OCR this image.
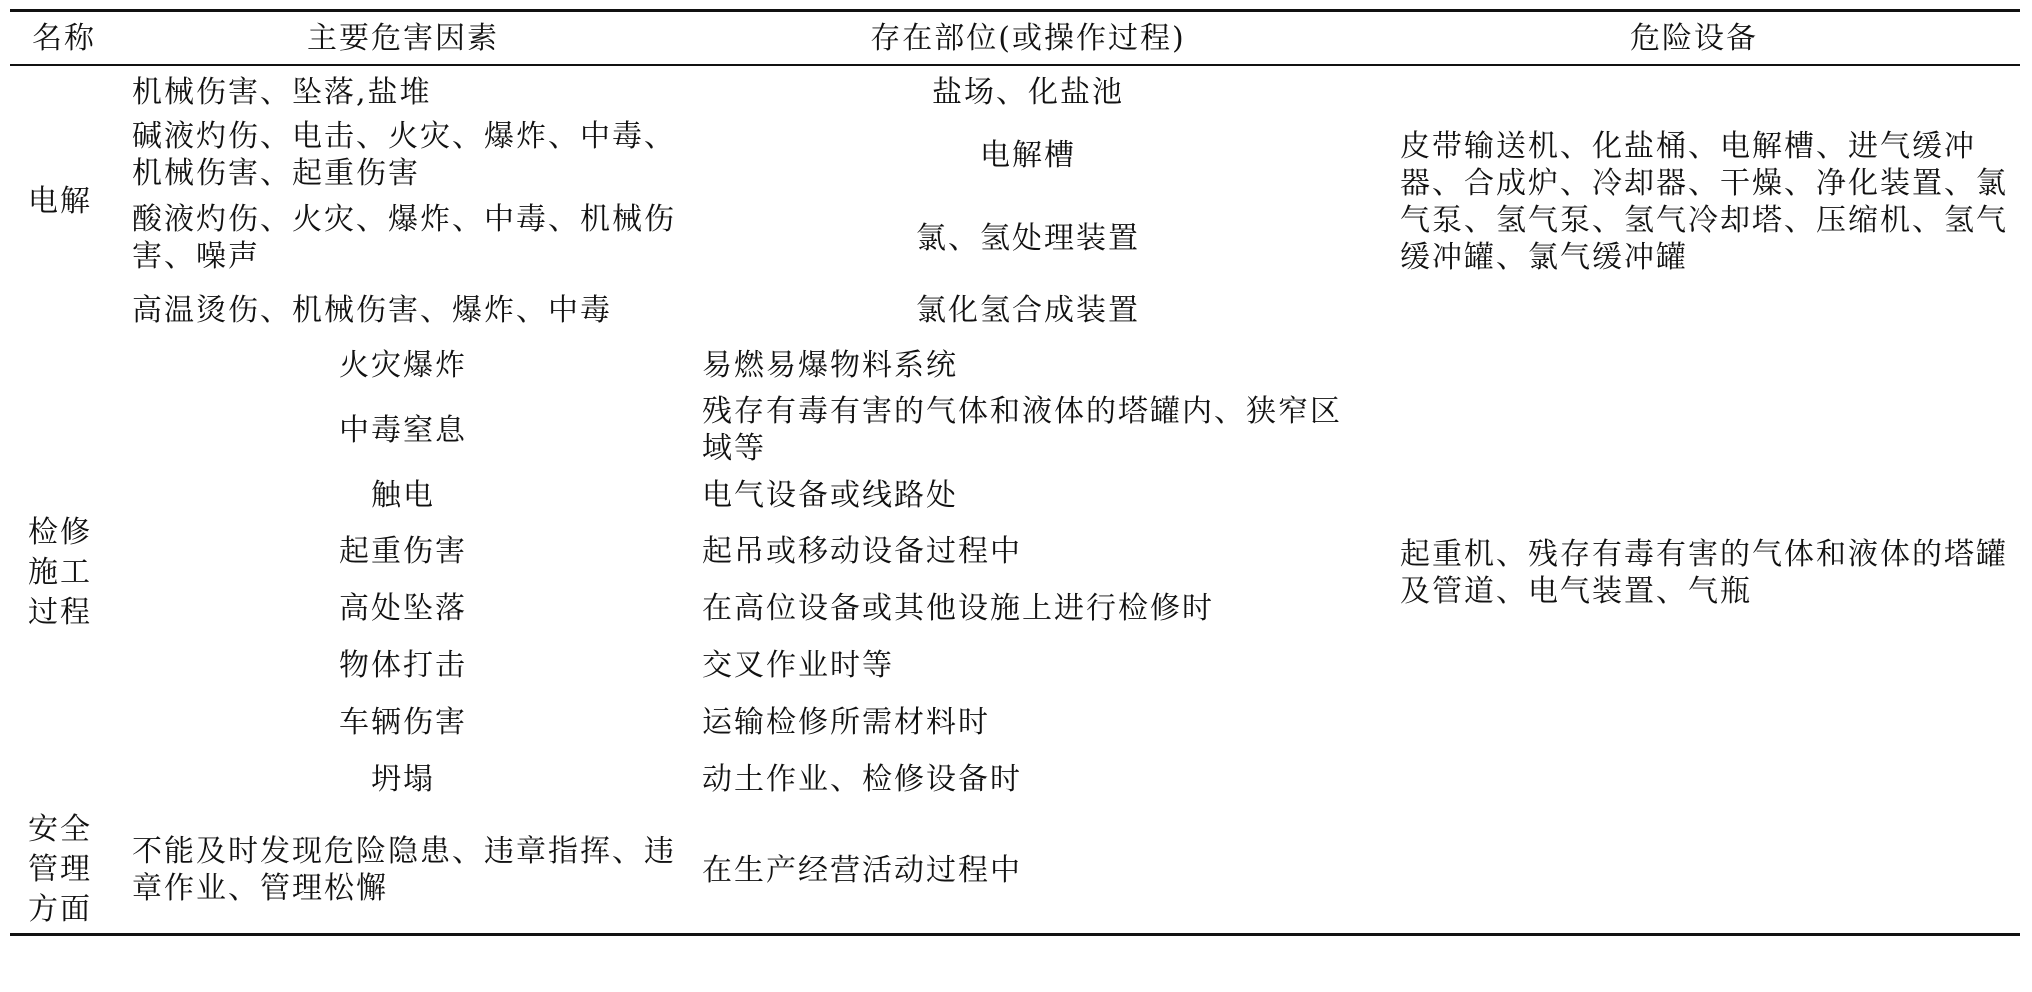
名称	主要危害因素	存在部位(或操作过程)	危险设备
电解	机械伤害、坠落,盐堆	盐场、化盐池	皮带输送机、化盐桶、电解槽、进气缓冲器、合成炉、冷却器、干燥、净化装置、氯气泵、氢气泵、氢气冷却塔、压缩机、氢气缓冲罐、氯气缓冲罐
	碱液灼伤、电击、火灾、爆炸、中毒、机械伤害、起重伤害	电解槽	
	酸液灼伤、火灾、爆炸、中毒、机械伤害、噪声	氯、氢处理装置	
	高温烫伤、机械伤害、爆炸、中毒	氯化氢合成装置	
检修施工过程	火灾爆炸	易燃易爆物料系统	起重机、残存有毒有害的气体和液体的塔罐及管道、电气装置、气瓶
	中毒窒息	残存有毒有害的气体和液体的塔罐内、狭窄区域等	
	触电	电气设备或线路处	
	起重伤害	起吊或移动设备过程中	
	高处坠落	在高位设备或其他设施上进行检修时	
	物体打击	交叉作业时等	
	车辆伤害	运输检修所需材料时	
	坍塌	动土作业、检修设备时	
安全管理方面	不能及时发现危险隐患、违章指挥、违章作业、管理松懈	在生产经营活动过程中	
